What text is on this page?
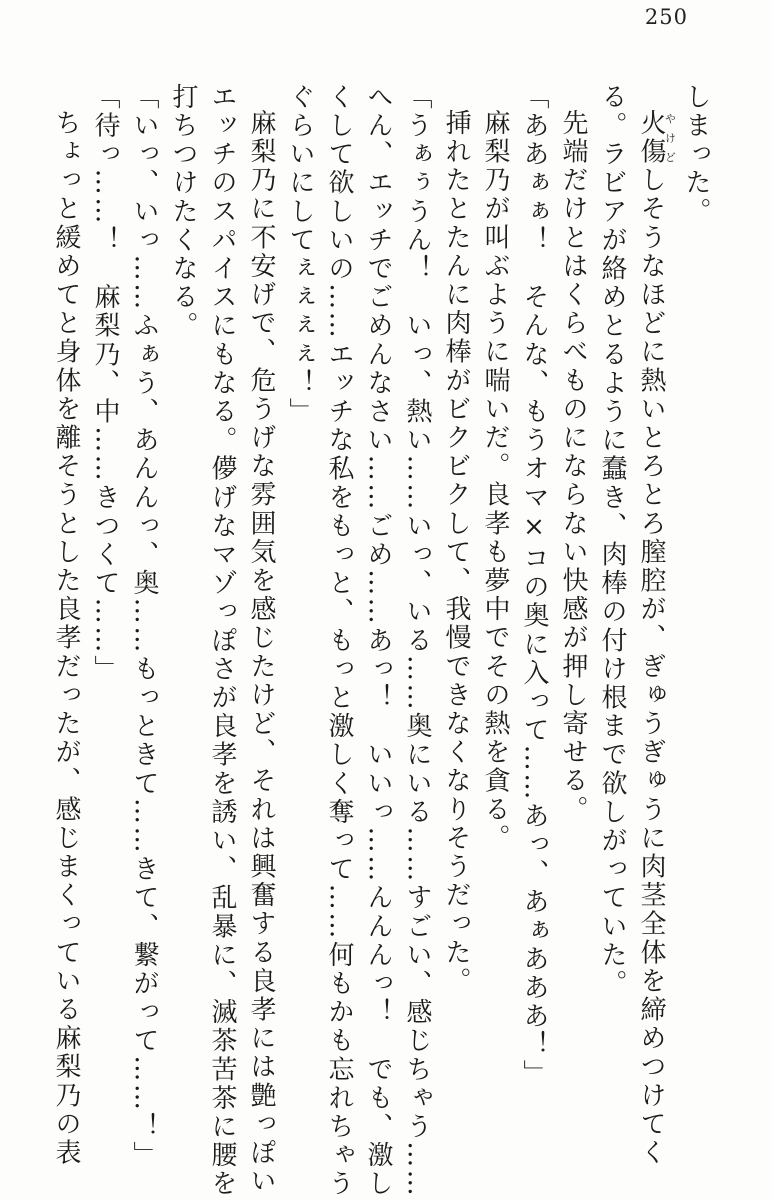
250

しまった。

火傷やけどしそうなほどに熱いとろとろ膣腔が、ぎゅうぎゅうに肉茎全体を締めつけてくる。ラビアが絡めとるように蠢き、肉棒の付け根まで欲しがっていた。

先端だけとはくらべものにならない快感が押し寄せる。

「ああぁぁ！　そんな、もうオマ×コの奥に入って……あっ、あぁあああ！」

麻梨乃が叫ぶように喘いだ。良孝も夢中でその熱を貪る。

挿れたとたんに肉棒がビクビクして、我慢できなくなりそうだった。

「うぁぅうん！　いっ、熱い……いっ、いる……奥にいる……すごい、感じちゃう……へん、エッチでごめんなさい……ごめ……あっ！　いいっ……んんんっ！　でも、激しくして欲しいの……エッチな私をもっと、もっと激しく奪って……何もかも忘れちゃうぐらいにしてぇぇぇぇ！」

麻梨乃に不安げで、危うげな雰囲気を感じたけど、それは興奮する良孝には艶っぽいエッチのスパイスにもなる。儚げなマゾっぽさが良孝を誘い、乱暴に、滅茶苦茶に腰を打ちつけたくなる。

「いっ、いっ……ふぁう、あんんっ、奥……もっときて……きて、繋がって……！」

「待っ……！　麻梨乃、中……きつくて……」

ちょっと緩めてと身体を離そうとした良孝だったが、感じまくっている麻梨乃の表
